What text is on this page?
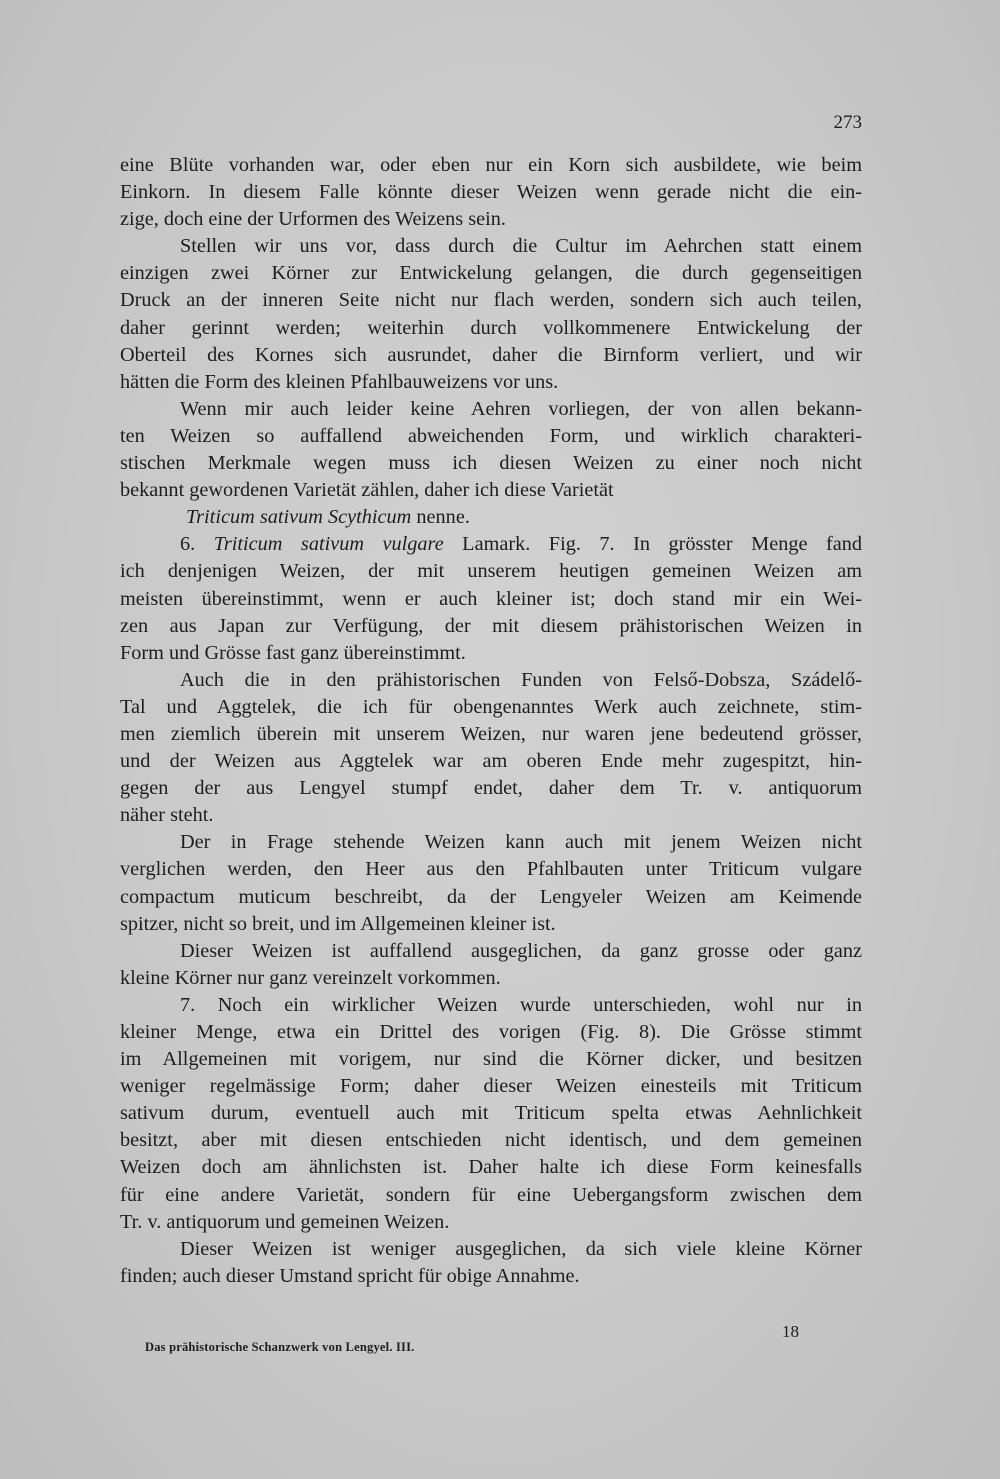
273
eine Blüte vorhanden war, oder eben nur ein Korn sich ausbildete, wie beim
Einkorn. In diesem Falle könnte dieser Weizen wenn gerade nicht die ein-
zige, doch eine der Urformen des Weizens sein.
Stellen wir uns vor, dass durch die Cultur im Aehrchen statt einem
einzigen zwei Körner zur Entwickelung gelangen, die durch gegenseitigen
Druck an der inneren Seite nicht nur flach werden, sondern sich auch teilen,
daher gerinnt werden; weiterhin durch vollkommenere Entwickelung der
Oberteil des Kornes sich ausrundet, daher die Birnform verliert, und wir
hätten die Form des kleinen Pfahlbauweizens vor uns.
Wenn mir auch leider keine Aehren vorliegen, der von allen bekann-
ten Weizen so auffallend abweichenden Form, und wirklich charakteri-
stischen Merkmale wegen muss ich diesen Weizen zu einer noch nicht
bekannt gewordenen Varietät zählen, daher ich diese Varietät
Triticum sativum Scythicum nenne.
6. Triticum sativum vulgare Lamark. Fig. 7. In grösster Menge fand
ich denjenigen Weizen, der mit unserem heutigen gemeinen Weizen am
meisten übereinstimmt, wenn er auch kleiner ist; doch stand mir ein Wei-
zen aus Japan zur Verfügung, der mit diesem prähistorischen Weizen in
Form und Grösse fast ganz übereinstimmt.
Auch die in den prähistorischen Funden von Felső-Dobsza, Szádelő-
Tal und Aggtelek, die ich für obengenanntes Werk auch zeichnete, stim-
men ziemlich überein mit unserem Weizen, nur waren jene bedeutend grösser,
und der Weizen aus Aggtelek war am oberen Ende mehr zugespitzt, hin-
gegen der aus Lengyel stumpf endet, daher dem Tr. v. antiquorum
näher steht.
Der in Frage stehende Weizen kann auch mit jenem Weizen nicht
verglichen werden, den Heer aus den Pfahlbauten unter Triticum vulgare
compactum muticum beschreibt, da der Lengyeler Weizen am Keimende
spitzer, nicht so breit, und im Allgemeinen kleiner ist.
Dieser Weizen ist auffallend ausgeglichen, da ganz grosse oder ganz
kleine Körner nur ganz vereinzelt vorkommen.
7. Noch ein wirklicher Weizen wurde unterschieden, wohl nur in
kleiner Menge, etwa ein Drittel des vorigen (Fig. 8). Die Grösse stimmt
im Allgemeinen mit vorigem, nur sind die Körner dicker, und besitzen
weniger regelmässige Form; daher dieser Weizen einesteils mit Triticum
sativum durum, eventuell auch mit Triticum spelta etwas Aehnlichkeit
besitzt, aber mit diesen entschieden nicht identisch, und dem gemeinen
Weizen doch am ähnlichsten ist. Daher halte ich diese Form keinesfalls
für eine andere Varietät, sondern für eine Uebergangsform zwischen dem
Tr. v. antiquorum und gemeinen Weizen.
Dieser Weizen ist weniger ausgeglichen, da sich viele kleine Körner
finden; auch dieser Umstand spricht für obige Annahme.
18
Das prähistorische Schanzwerk von Lengyel. III.
